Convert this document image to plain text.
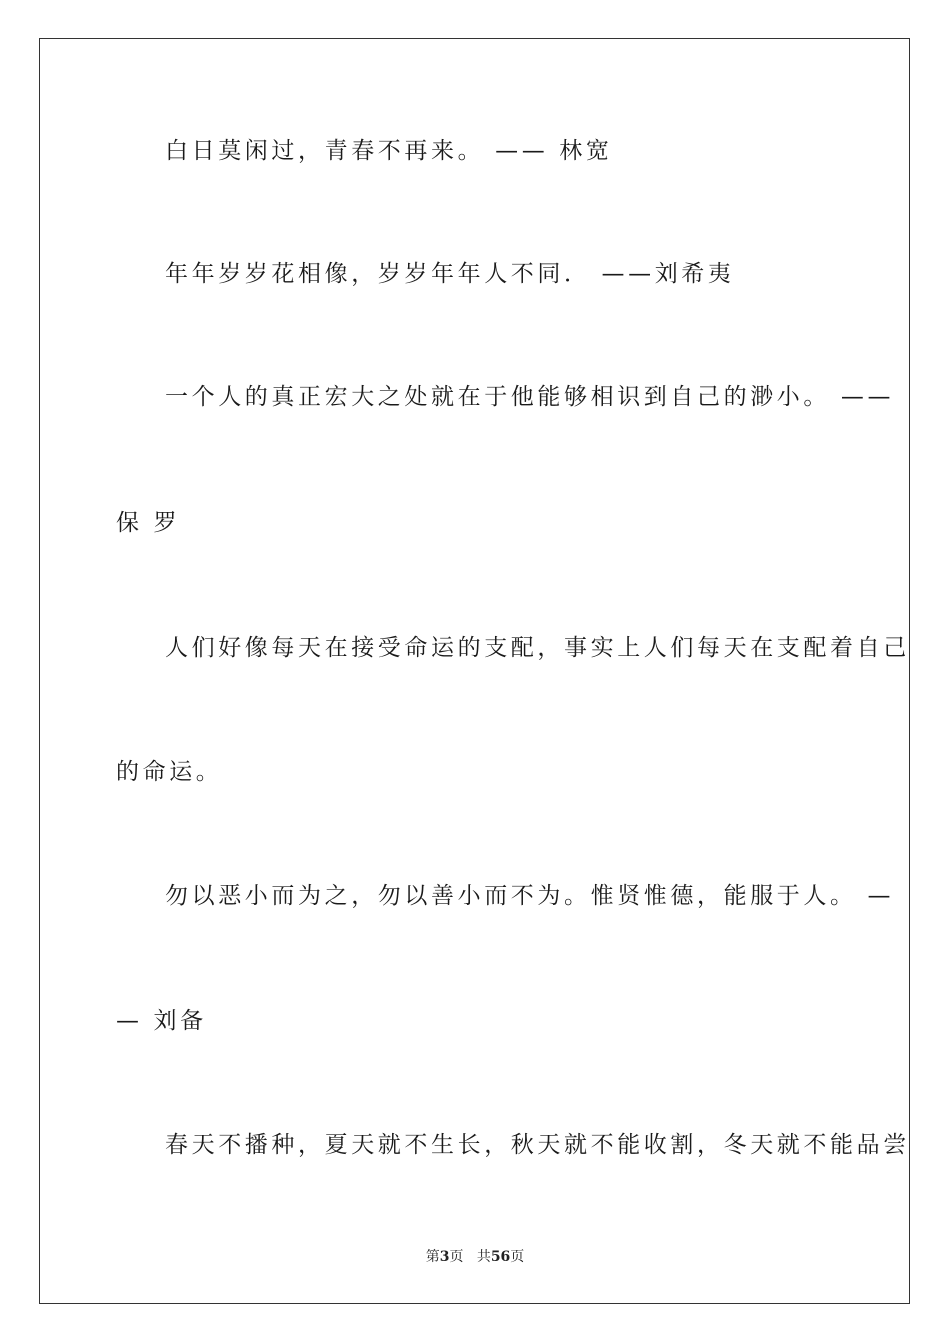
白日莫闲过，青春不再来。 —— 林宽
年年岁岁花相像，岁岁年年人不同． ——刘希夷
一个人的真正宏大之处就在于他能够相识到自己的渺小。 ——
保 罗
人们好像每天在接受命运的支配，事实上人们每天在支配着自己
的命运。
勿以恶小而为之，勿以善小而不为。惟贤惟德，能服于人。 —
— 刘备
春天不播种，夏天就不生长，秋天就不能收割，冬天就不能品尝
第3页 共56页
